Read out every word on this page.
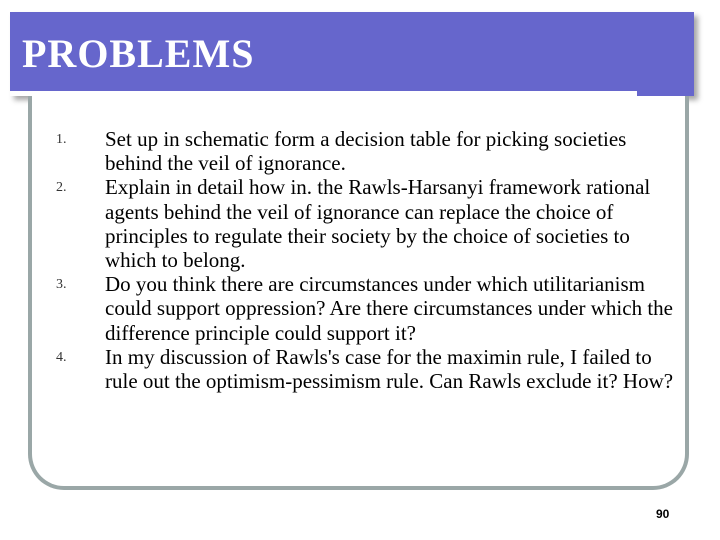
PROBLEMS
1.	Set up in schematic form a decision table for picking societies behind the veil of ignorance.
2.	Explain in detail how in. the Rawls-Harsanyi framework rational agents behind the veil of ignorance can replace the choice of principles to regulate their society by the choice of societies to which to belong.
3.	Do you think there are circumstances under which utilitarianism could support oppression? Are there circumstances under which the difference principle could support it?
4.	In my discussion of Rawls's case for the maximin rule, I failed to rule out the optimism-pessimism rule. Can Rawls exclude it? How?
90
